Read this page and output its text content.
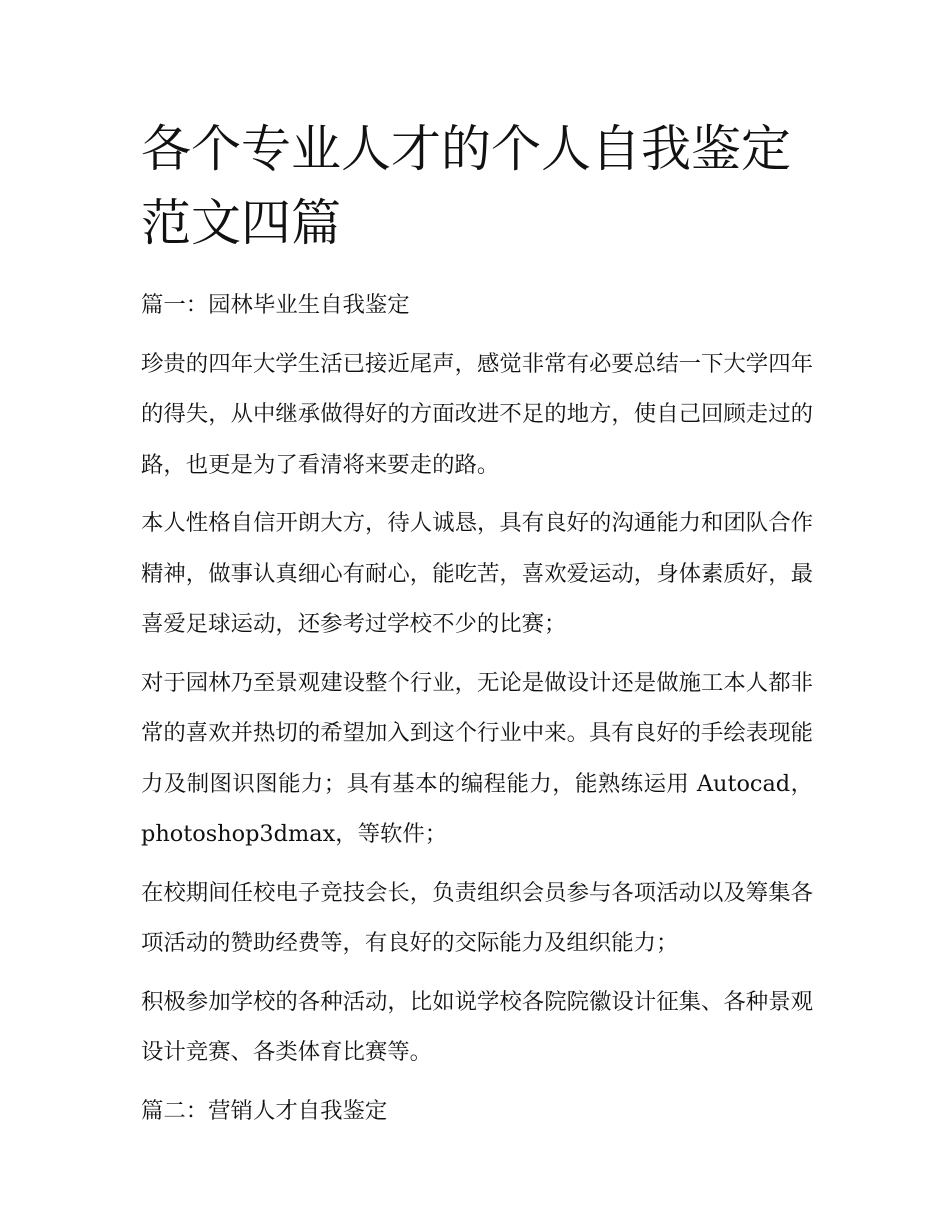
各个专业人才的个人自我鉴定范文四篇
篇一：园林毕业生自我鉴定

珍贵的四年大学生活已接近尾声，感觉非常有必要总结一下大学四年的得失，从中继承做得好的方面改进不足的地方，使自己回顾走过的路，也更是为了看清将来要走的路。

本人性格自信开朗大方，待人诚恳，具有良好的沟通能力和团队合作精神，做事认真细心有耐心，能吃苦，喜欢爱运动，身体素质好，最喜爱足球运动，还参考过学校不少的比赛；

对于园林乃至景观建设整个行业，无论是做设计还是做施工本人都非常的喜欢并热切的希望加入到这个行业中来。具有良好的手绘表现能力及制图识图能力；具有基本的编程能力，能熟练运用 Autocad，photoshop3dmax，等软件；

在校期间任校电子竞技会长，负责组织会员参与各项活动以及筹集各项活动的赞助经费等，有良好的交际能力及组织能力；

积极参加学校的各种活动，比如说学校各院院徽设计征集、各种景观设计竞赛、各类体育比赛等。

篇二：营销人才自我鉴定
